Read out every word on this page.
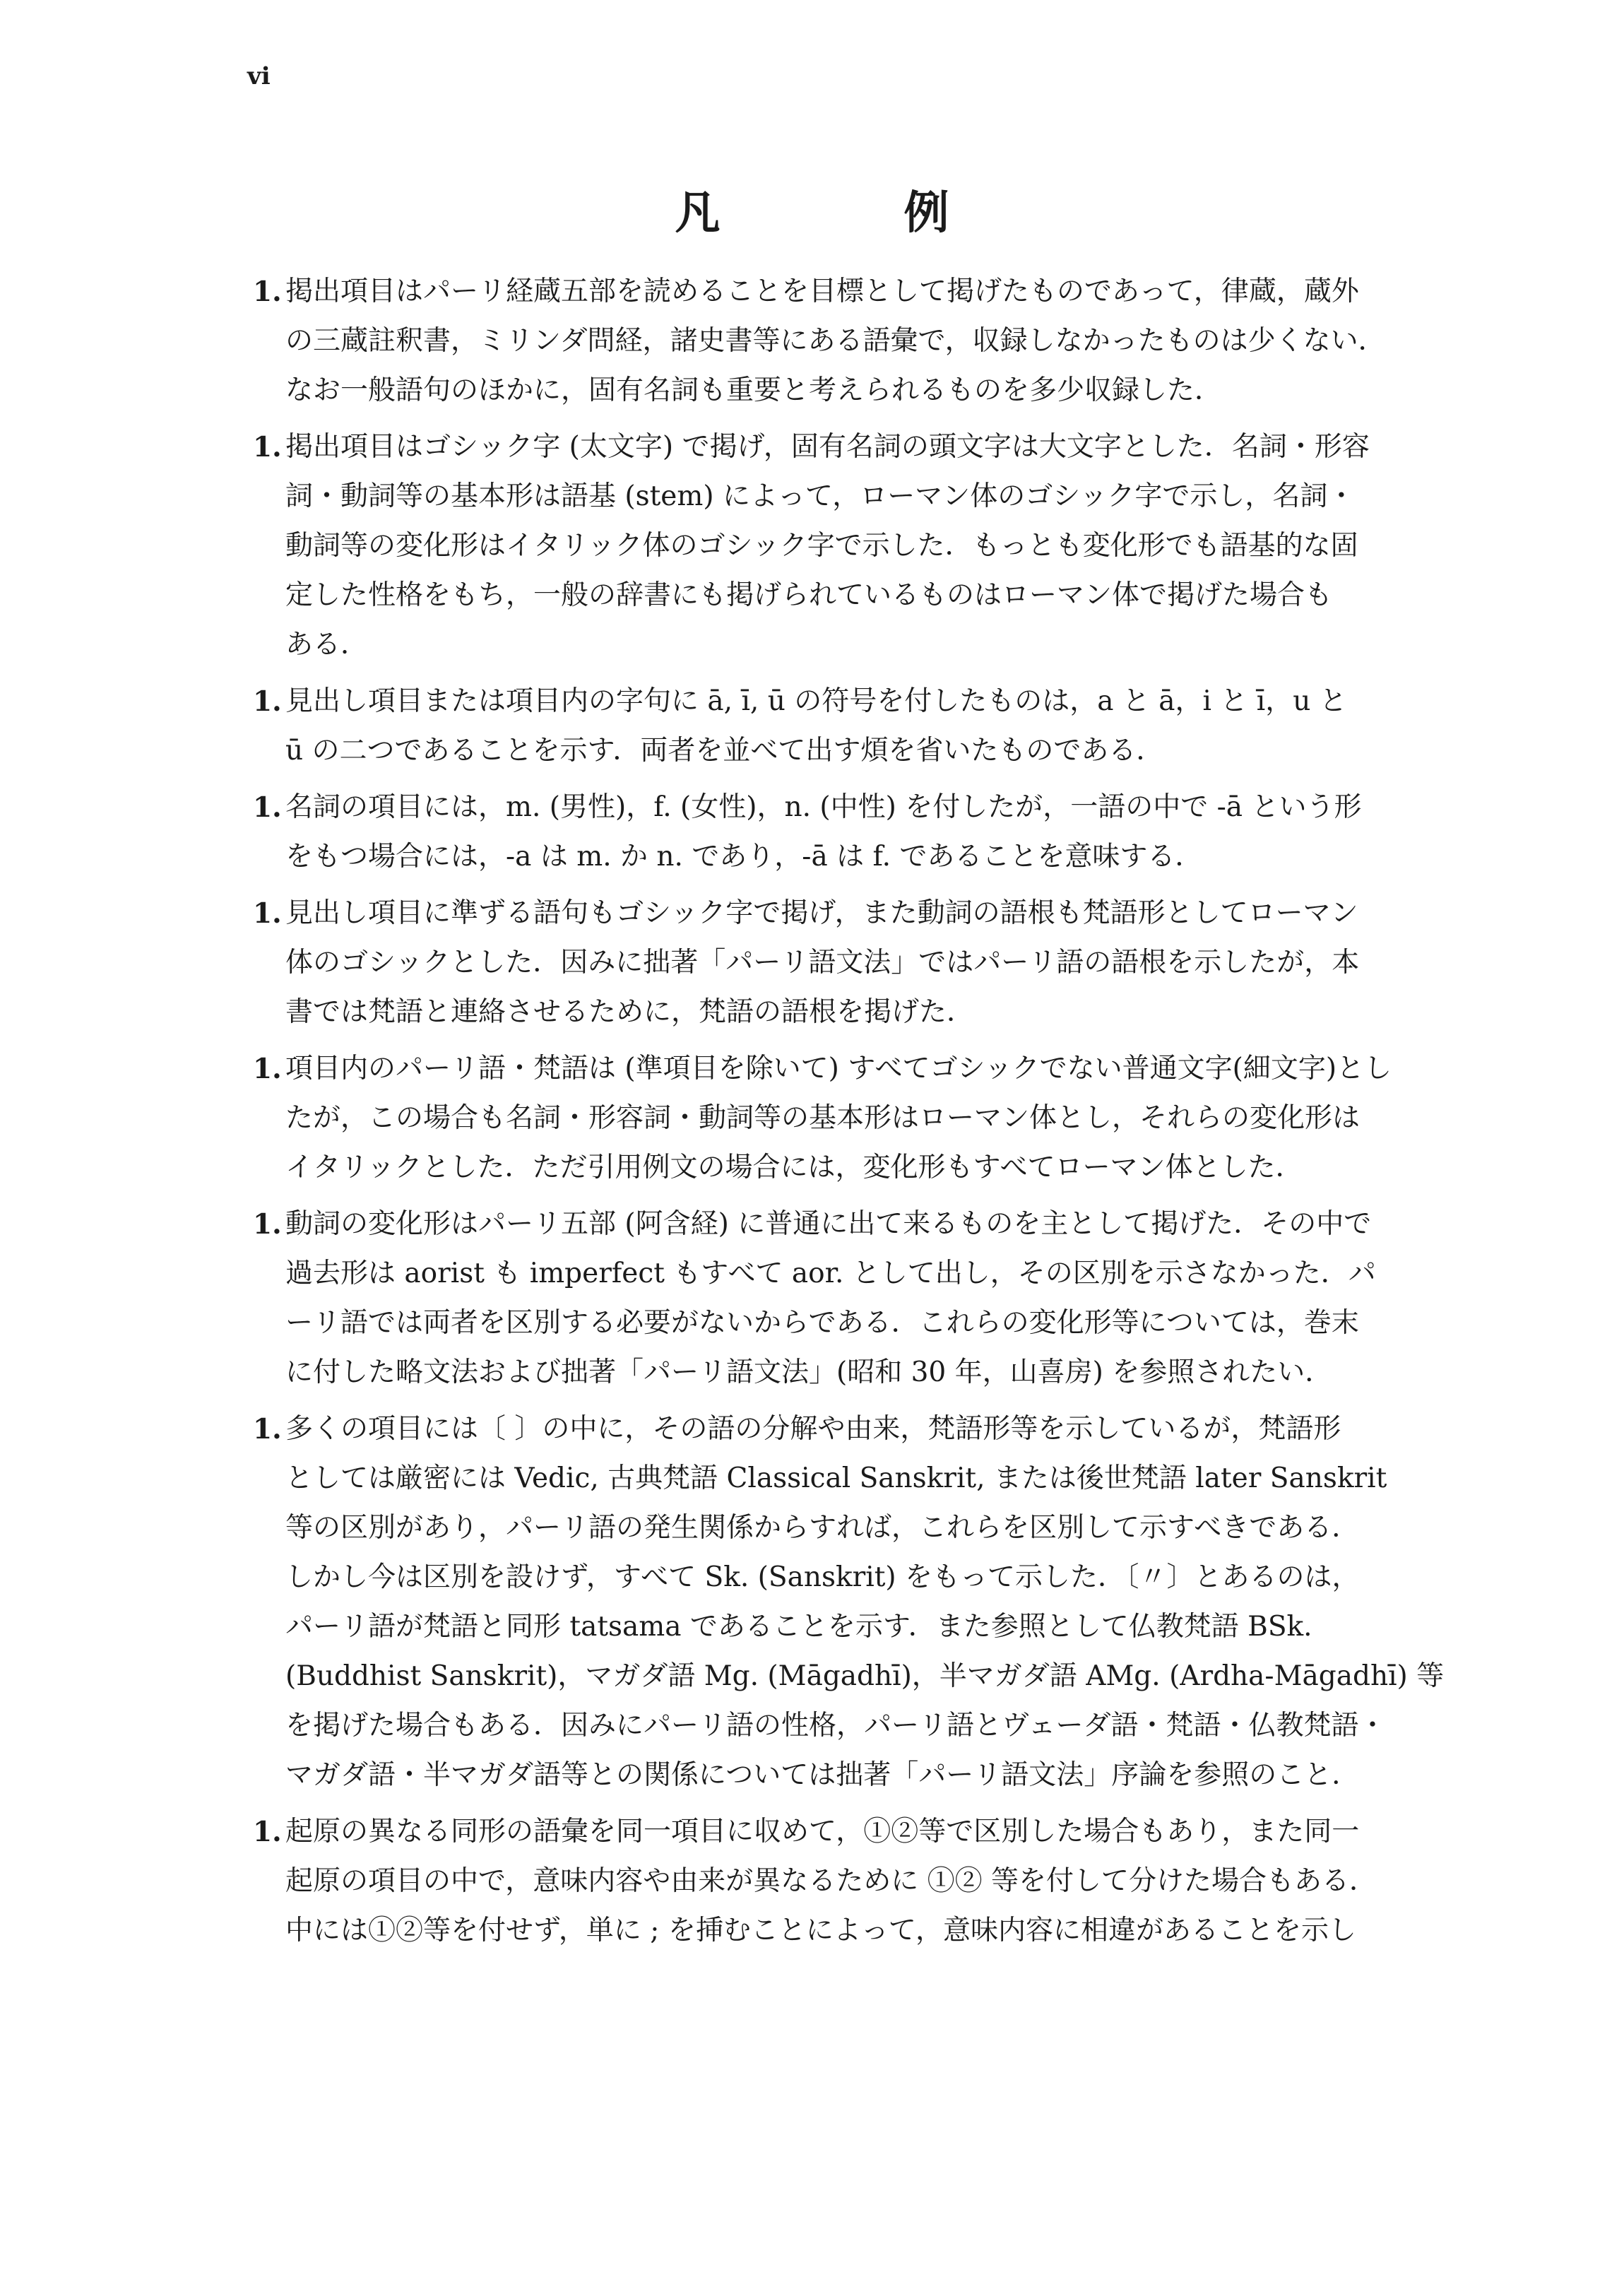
vi
凡	例
1. 掲出項目はパーリ経蔵五部を読めることを目標として掲げたものであって，律蔵，蔵外
の三蔵註釈書，ミリンダ問経，諸史書等にある語彙で，収録しなかったものは少くない．
なお一般語句のほかに，固有名詞も重要と考えられるものを多少収録した．
1. 掲出項目はゴシック字 (太文字) で掲げ，固有名詞の頭文字は大文字とした．名詞・形容
詞・動詞等の基本形は語基 (stem) によって，ローマン体のゴシック字で示し，名詞・
動詞等の変化形はイタリック体のゴシック字で示した．もっとも変化形でも語基的な固
定した性格をもち，一般の辞書にも掲げられているものはローマン体で掲げた場合も
ある．
1. 見出し項目または項目内の字句に ā, ī, ū の符号を付したものは，a と ā，i と ī，u と
ū の二つであることを示す．両者を並べて出す煩を省いたものである．
1. 名詞の項目には，m. (男性)，f. (女性)，n. (中性) を付したが，一語の中で -ā という形
をもつ場合には，-a は m. か n. であり，-ā は f. であることを意味する．
1. 見出し項目に準ずる語句もゴシック字で掲げ，また動詞の語根も梵語形としてローマン
体のゴシックとした．因みに拙著「パーリ語文法」ではパーリ語の語根を示したが，本
書では梵語と連絡させるために，梵語の語根を掲げた．
1. 項目内のパーリ語・梵語は (準項目を除いて) すべてゴシックでない普通文字(細文字)とし
たが，この場合も名詞・形容詞・動詞等の基本形はローマン体とし，それらの変化形は
イタリックとした．ただ引用例文の場合には，変化形もすべてローマン体とした．
1. 動詞の変化形はパーリ五部 (阿含経) に普通に出て来るものを主として掲げた．その中で
過去形は aorist も imperfect もすべて aor. として出し，その区別を示さなかった．パ
ーリ語では両者を区別する必要がないからである．これらの変化形等については，巻末
に付した略文法および拙著「パーリ語文法」(昭和 30 年，山喜房) を参照されたい．
1. 多くの項目には〔 〕の中に，その語の分解や由来，梵語形等を示しているが，梵語形
としては厳密には Vedic, 古典梵語 Classical Sanskrit, または後世梵語 later Sanskrit
等の区別があり，パーリ語の発生関係からすれば，これらを区別して示すべきである．
しかし今は区別を設けず，すべて Sk. (Sanskrit) をもって示した．〔〃〕とあるのは，
パーリ語が梵語と同形 tatsama であることを示す．また参照として仏教梵語 BSk.
(Buddhist Sanskrit)，マガダ語 Mg. (Māgadhī)，半マガダ語 AMg. (Ardha-Māgadhī) 等
を掲げた場合もある．因みにパーリ語の性格，パーリ語とヴェーダ語・梵語・仏教梵語・
マガダ語・半マガダ語等との関係については拙著「パーリ語文法」序論を参照のこと．
1. 起原の異なる同形の語彙を同一項目に収めて，①②等で区別した場合もあり，また同一
起原の項目の中で，意味内容や由来が異なるために ①② 等を付して分けた場合もある．
中には①②等を付せず，単に ; を挿むことによって，意味内容に相違があることを示し
